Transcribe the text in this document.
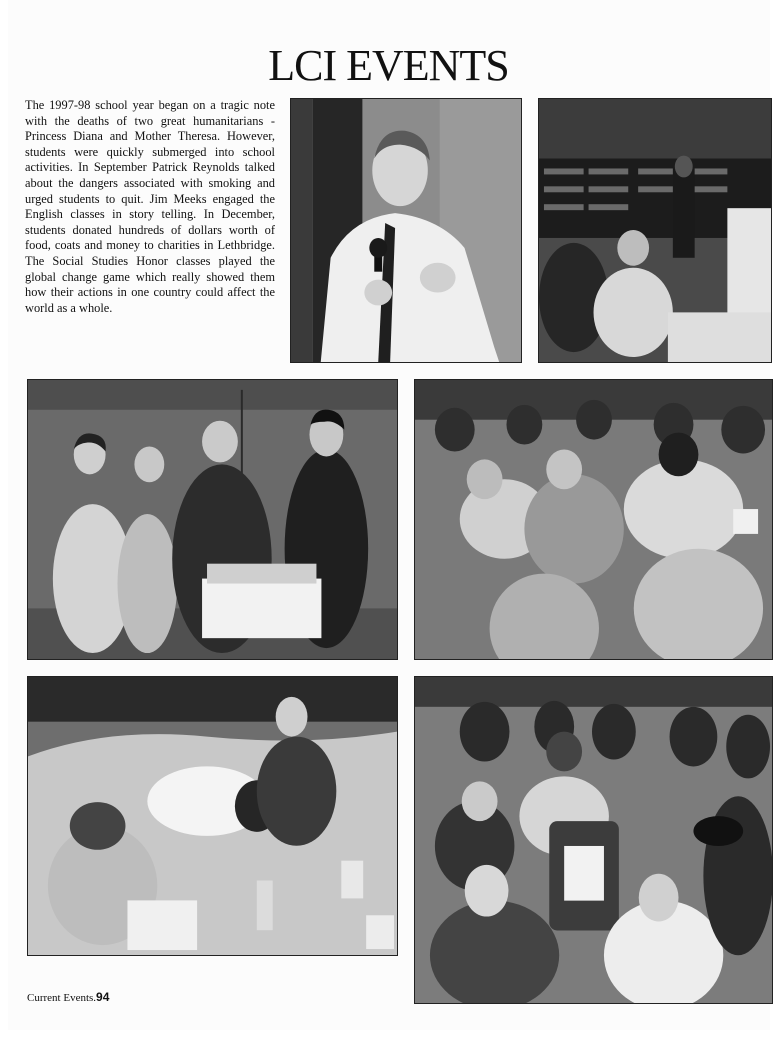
LCI EVENTS

The 1997-98 school year began on a tragic note with the deaths of two great humanitarians - Princess Diana and Mother Theresa. However, students were quickly submerged into school activities. In September Patrick Reynolds talked about the dangers associated with smoking and urged students to quit. Jim Meeks engaged the English classes in story telling. In December, students donated hundreds of dollars worth of food, coats and money to charities in Lethbridge. The Social Studies Honor classes played the global change game which really showed them how their actions in one country could affect the world as a whole.

Current Events.94
